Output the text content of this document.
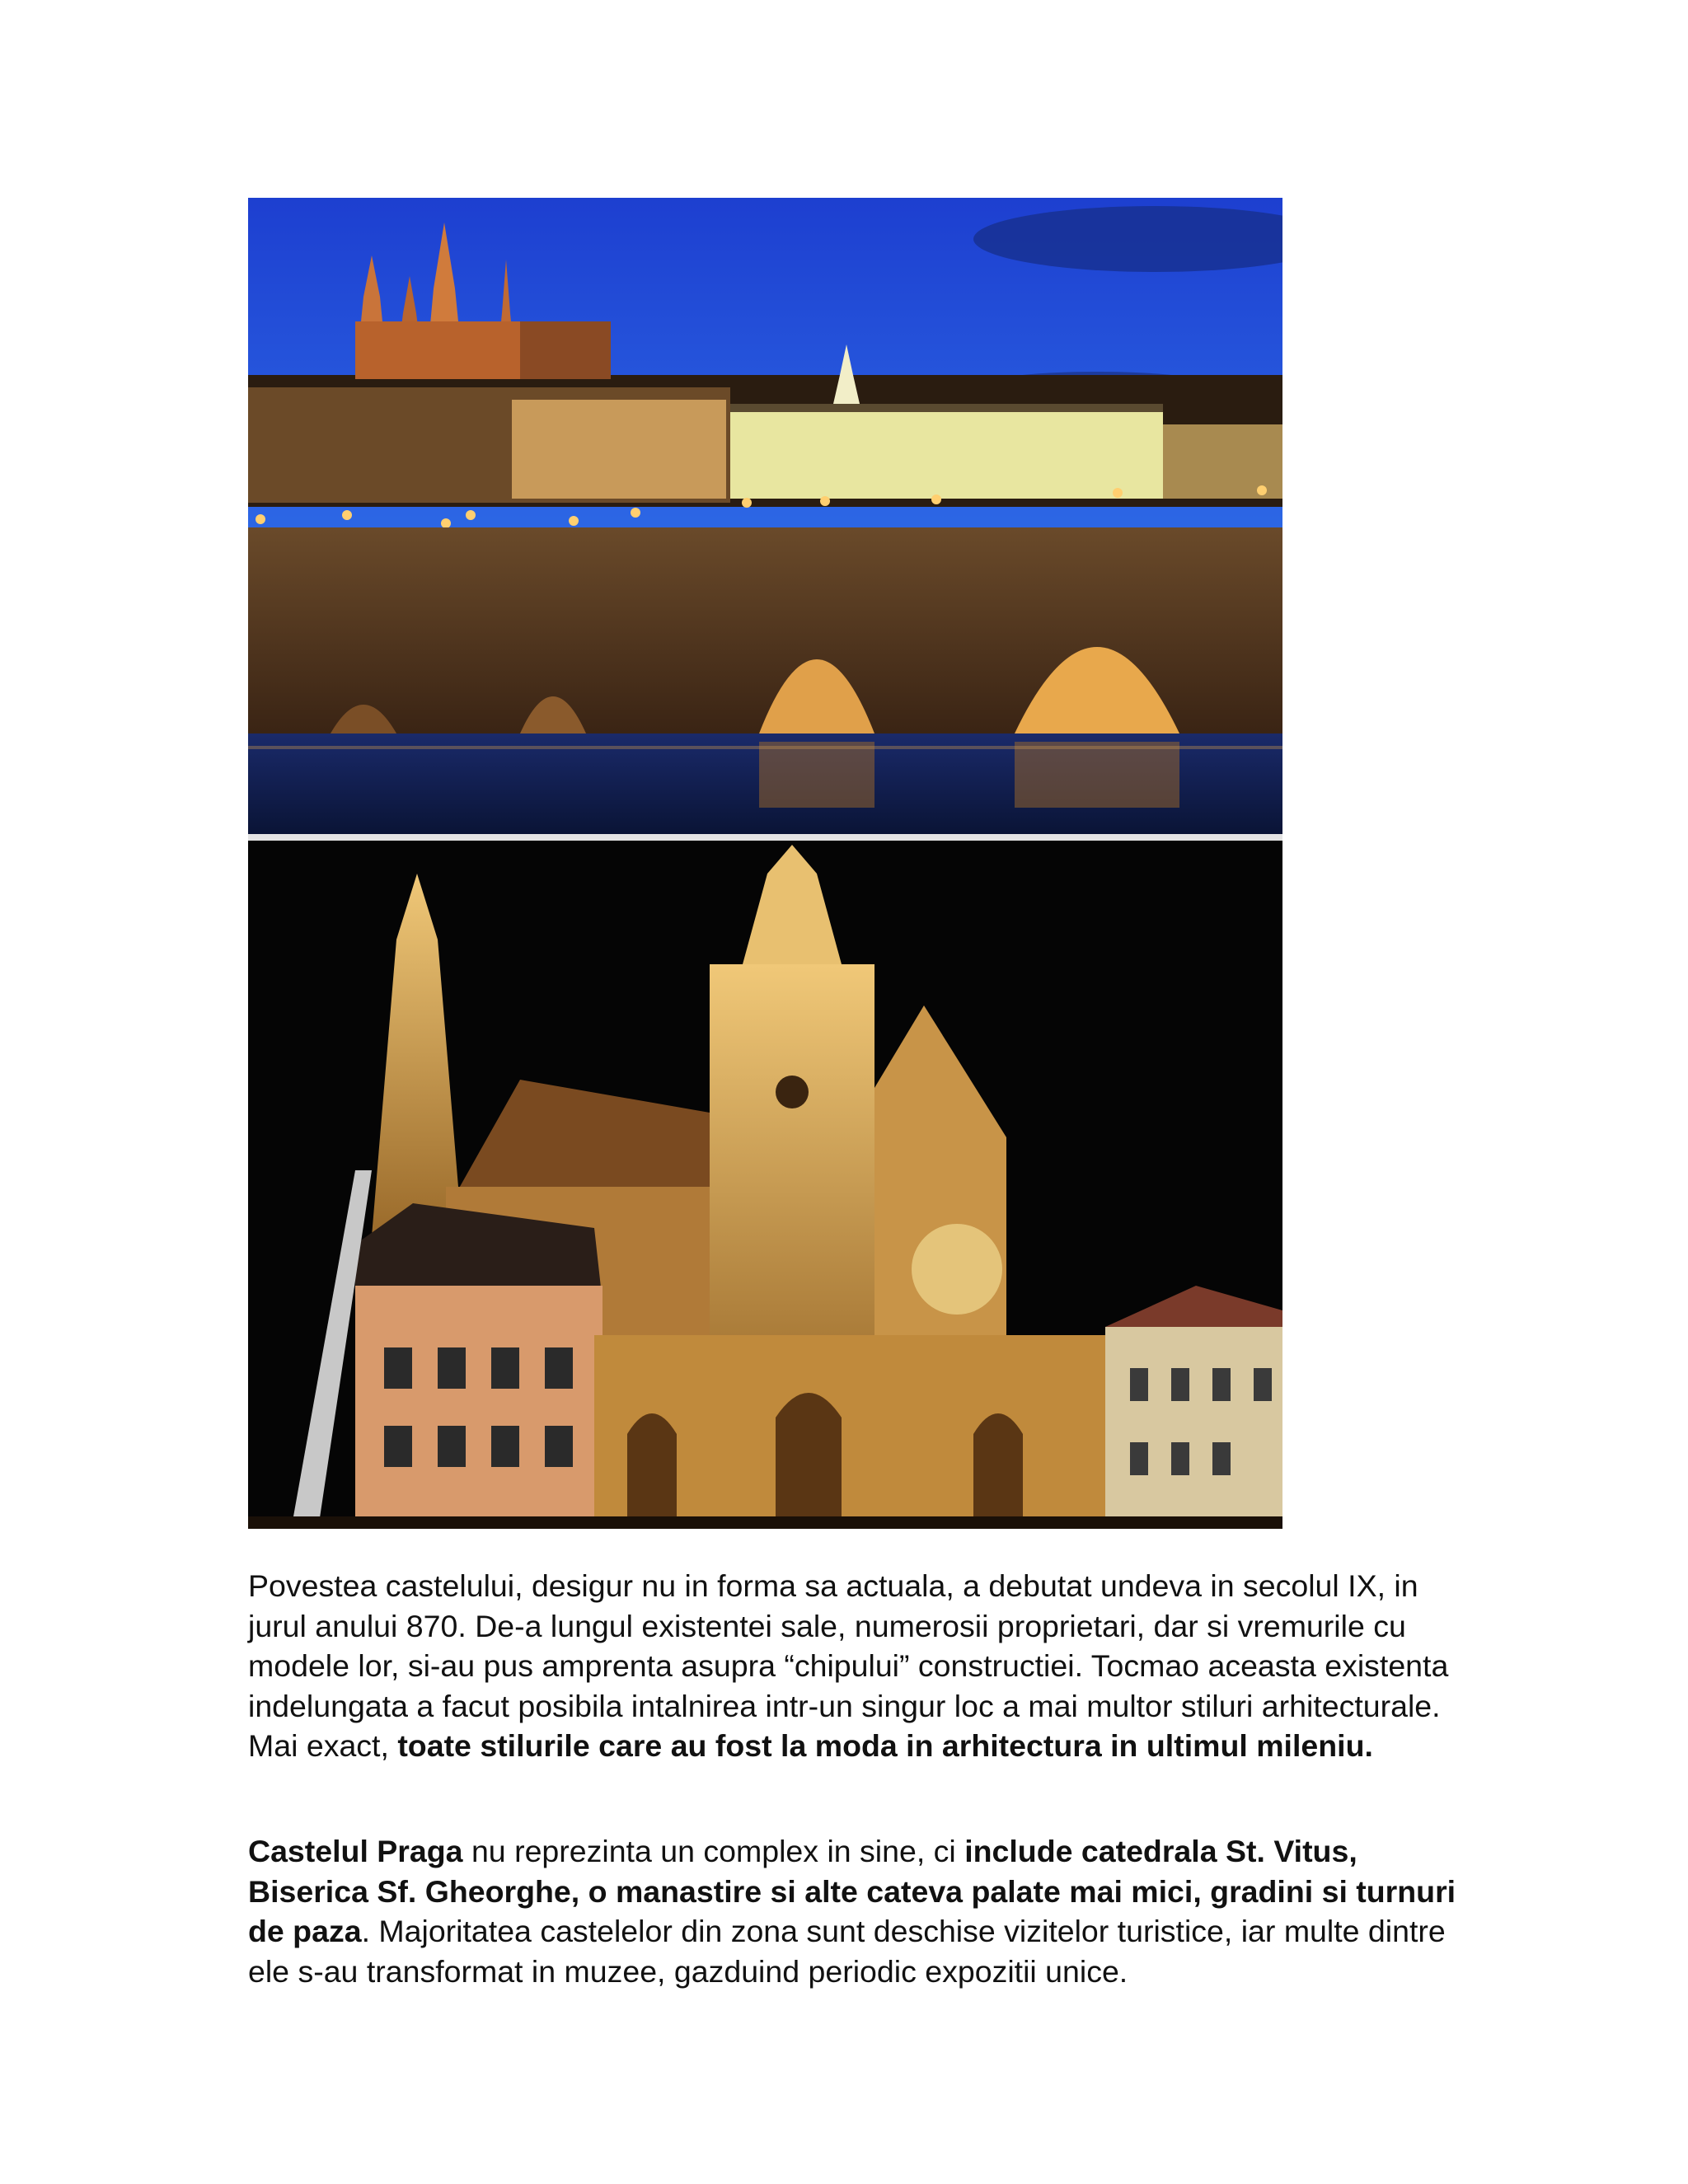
Povestea castelului, desigur nu in forma sa actuala, a debutat undeva in secolul IX, in jurul anului 870. De-a lungul existentei sale, numerosii proprietari, dar si vremurile cu modele lor, si-au pus amprenta asupra “chipului” constructiei. Tocmao aceasta existenta indelungata a facut posibila intalnirea intr-un singur loc a mai multor stiluri arhitecturale. Mai exact, toate stilurile care au fost la moda in arhitectura in ultimul mileniu.
Castelul Praga nu reprezinta un complex in sine, ci include catedrala St. Vitus, Biserica Sf. Gheorghe, o manastire si alte cateva palate mai mici, gradini si turnuri de paza. Majoritatea castelelor din zona sunt deschise vizitelor turistice, iar multe dintre ele s-au transformat in muzee, gazduind periodic expozitii unice.
